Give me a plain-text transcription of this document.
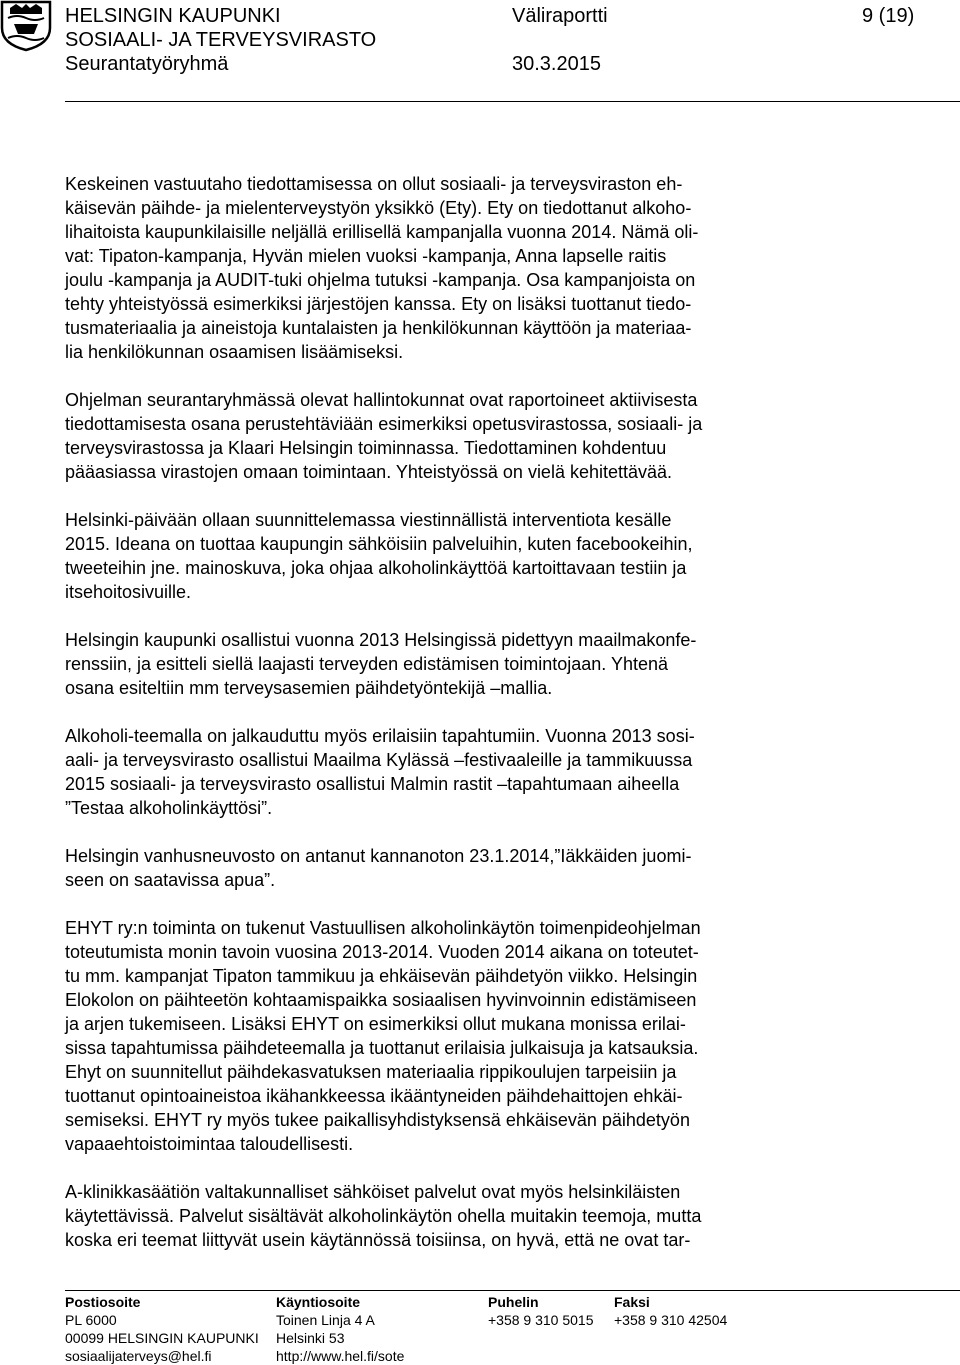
HELSINGIN KAUPUNKI
SOSIAALI- JA TERVEYSVIRASTO
Seurantatyöryhmä
Väliraportti
30.3.2015
9 (19)

Keskeinen vastuutaho tiedottamisessa on ollut sosiaali- ja terveysviraston eh-
käisevän päihde- ja mielenterveystyön yksikkö (Ety). Ety on tiedottanut alkoho-
lihaitoista kaupunkilaisille neljällä erillisellä kampanjalla vuonna 2014. Nämä oli-
vat: Tipaton-kampanja, Hyvän mielen vuoksi -kampanja, Anna lapselle raitis
joulu -kampanja ja AUDIT-tuki ohjelma tutuksi -kampanja. Osa kampanjoista on
tehty yhteistyössä esimerkiksi järjestöjen kanssa. Ety on lisäksi tuottanut tiedo-
tusmateriaalia ja aineistoja kuntalaisten ja henkilökunnan käyttöön ja materiaa-
lia henkilökunnan osaamisen lisäämiseksi.

Ohjelman seurantaryhmässä olevat hallintokunnat ovat raportoineet aktiivisesta
tiedottamisesta osana perustehtäviään esimerkiksi opetusvirastossa, sosiaali- ja
terveysvirastossa ja Klaari Helsingin toiminnassa. Tiedottaminen kohdentuu
pääasiassa virastojen omaan toimintaan. Yhteistyössä on vielä kehitettävää.

Helsinki-päivään ollaan suunnittelemassa viestinnällistä interventiota kesälle
2015. Ideana on tuottaa kaupungin sähköisiin palveluihin, kuten facebookeihin,
tweeteihin jne. mainoskuva, joka ohjaa alkoholinkäyttöä kartoittavaan testiin ja
itsehoitosivuille.

Helsingin kaupunki osallistui vuonna 2013 Helsingissä pidettyyn maailmakonfe-
renssiin, ja esitteli siellä laajasti terveyden edistämisen toimintojaan. Yhtenä
osana esiteltiin mm terveysasemien päihdetyöntekijä –mallia.

Alkoholi-teemalla on jalkauduttu myös erilaisiin tapahtumiin. Vuonna 2013 sosi-
aali- ja terveysvirasto osallistui Maailma Kylässä –festivaaleille ja tammikuussa
2015 sosiaali- ja terveysvirasto osallistui Malmin rastit –tapahtumaan aiheella
”Testaa alkoholinkäyttösi”.

Helsingin vanhusneuvosto on antanut kannanoton 23.1.2014,”Iäkkäiden juomi-
seen on saatavissa apua”.

EHYT ry:n toiminta on tukenut Vastuullisen alkoholinkäytön toimenpideohjelman
toteutumista monin tavoin vuosina 2013-2014. Vuoden 2014 aikana on toteutet-
tu mm. kampanjat Tipaton tammikuu ja ehkäisevän päihdetyön viikko. Helsingin
Elokolon on päihteetön kohtaamispaikka sosiaalisen hyvinvoinnin edistämiseen
ja arjen tukemiseen. Lisäksi EHYT on esimerkiksi ollut mukana monissa erilai-
sissa tapahtumissa päihdeteemalla ja tuottanut erilaisia julkaisuja ja katsauksia.
Ehyt on suunnitellut päihdekasvatuksen materiaalia rippikoulujen tarpeisiin ja
tuottanut opintoaineistoa ikähankkeessa ikääntyneiden päihdehaittojen ehkäi-
semiseksi. EHYT ry myös tukee paikallisyhdistyksensä ehkäisevän päihdetyön
vapaaehtoistoimintaa taloudellisesti.

A-klinikkasäätiön valtakunnalliset sähköiset palvelut ovat myös helsinkiläisten
käytettävissä. Palvelut sisältävät alkoholinkäytön ohella muitakin teemoja, mutta
koska eri teemat liittyvät usein käytännössä toisiinsa, on hyvä, että ne ovat tar-

Postiosoite
PL 6000
00099 HELSINGIN KAUPUNKI
sosiaalijaterveys@hel.fi
Käyntiosoite
Toinen Linja 4 A
Helsinki 53
http://www.hel.fi/sote
Puhelin
+358 9 310 5015
Faksi
+358 9 310 42504
